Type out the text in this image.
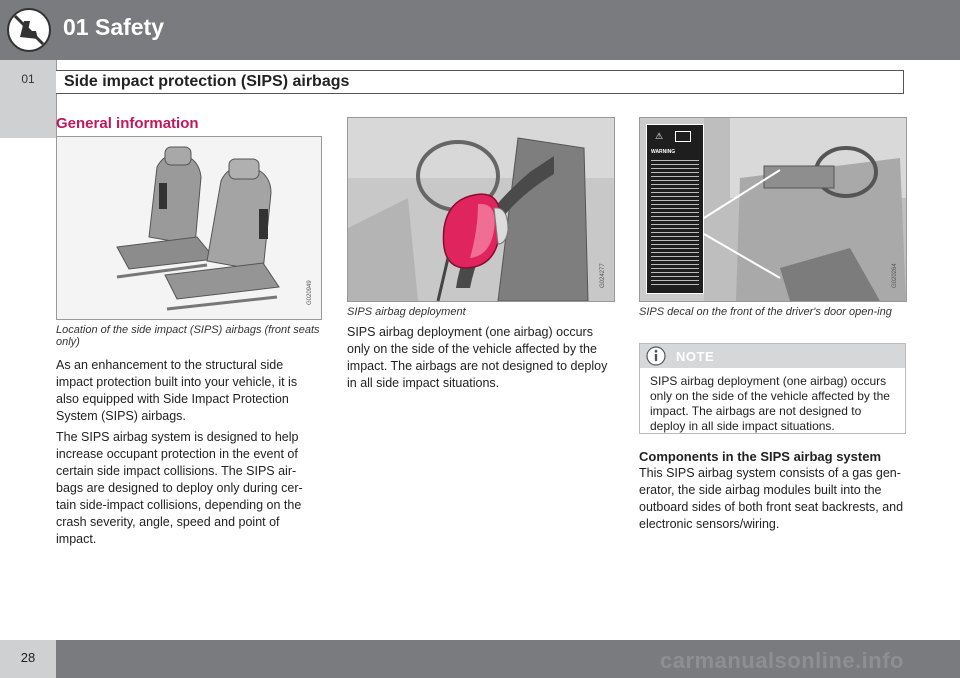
01 Safety
01	Side impact protection (SIPS) airbags
General information
G020949
Location of the side impact (SIPS) airbags (front seats only)

As an enhancement to the structural side impact protection built into your vehicle, it is also equipped with Side Impact Protection System (SIPS) airbags.

The SIPS airbag system is designed to help increase occupant protection in the event of certain side impact collisions. The SIPS air-bags are designed to deploy only during cer-tain side-impact collisions, depending on the crash severity, angle, speed and point of impact.

G024277
SIPS airbag deployment

SIPS airbag deployment (one airbag) occurs only on the side of the vehicle affected by the impact. The airbags are not designed to deploy in all side impact situations.

⚠
WARNING
G020264
SIPS decal on the front of the driver's door open-ing
NOTE
SIPS airbag deployment (one airbag) occurs only on the side of the vehicle affected by the impact. The airbags are not designed to deploy in all side impact situations.
Components in the SIPS airbag system

This SIPS airbag system consists of a gas gen-erator, the side airbag modules built into the outboard sides of both front seat backrests, and electronic sensors/wiring.

28	carmanualsonline.info
